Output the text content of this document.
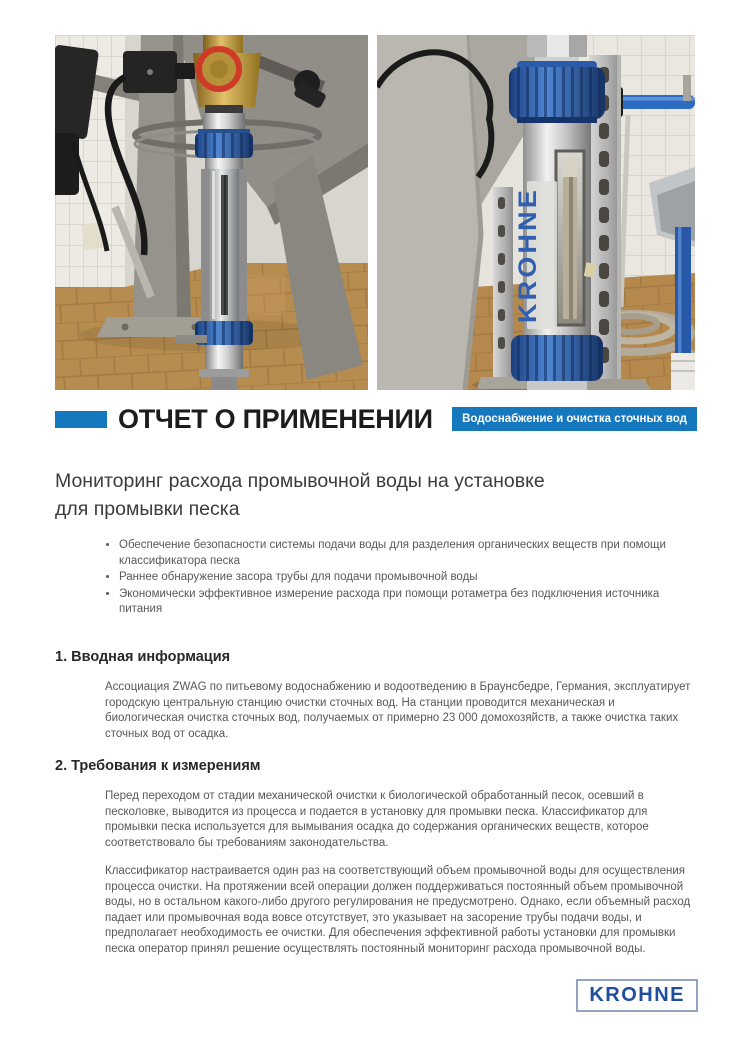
KROHNE
ОТЧЕТ О ПРИМЕНЕНИИ	Водоснабжение и очистка сточных вод
Мониторинг расхода промывочной воды на установке
для промывки песка
• Обеспечение безопасности системы подачи воды для разделения органических веществ при помощи классификатора песка
• Раннее обнаружение засора трубы для подачи промывочной воды
• Экономически эффективное измерение расхода при помощи ротаметра без подключения источника питания
1. Вводная информация

Ассоциация ZWAG по питьевому водоснабжению и водоотведению в Браунсбедре, Германия, эксплуатирует городскую центральную станцию очистки сточных вод. На станции проводится механическая и биологическая очистка сточных вод, получаемых от примерно 23 000 домохозяйств, а также очистка таких сточных вод от осадка.

2. Требования к измерениям

Перед переходом от стадии механической очистки к биологической обработанный песок, осевший в песколовке, выводится из процесса и подается в установку для промывки песка. Классификатор для промывки песка используется для вымывания осадка до содержания органических веществ, которое соответствовало бы требованиям законодательства.

Классификатор настраивается один раз на соответствующий объем промывочной воды для осуществления процесса очистки. На протяжении всей операции должен поддерживаться постоянный объем промывочной воды, но в остальном какого-либо другого регулирования не предусмотрено. Однако, если объемный расход падает или промывочная вода вовсе отсутствует, это указывает на засорение трубы подачи воды, и предполагает необходимость ее очистки. Для обеспечения эффективной работы установки для промывки песка оператор принял решение осуществлять постоянный мониторинг расхода промывочной воды.

KROHNE
